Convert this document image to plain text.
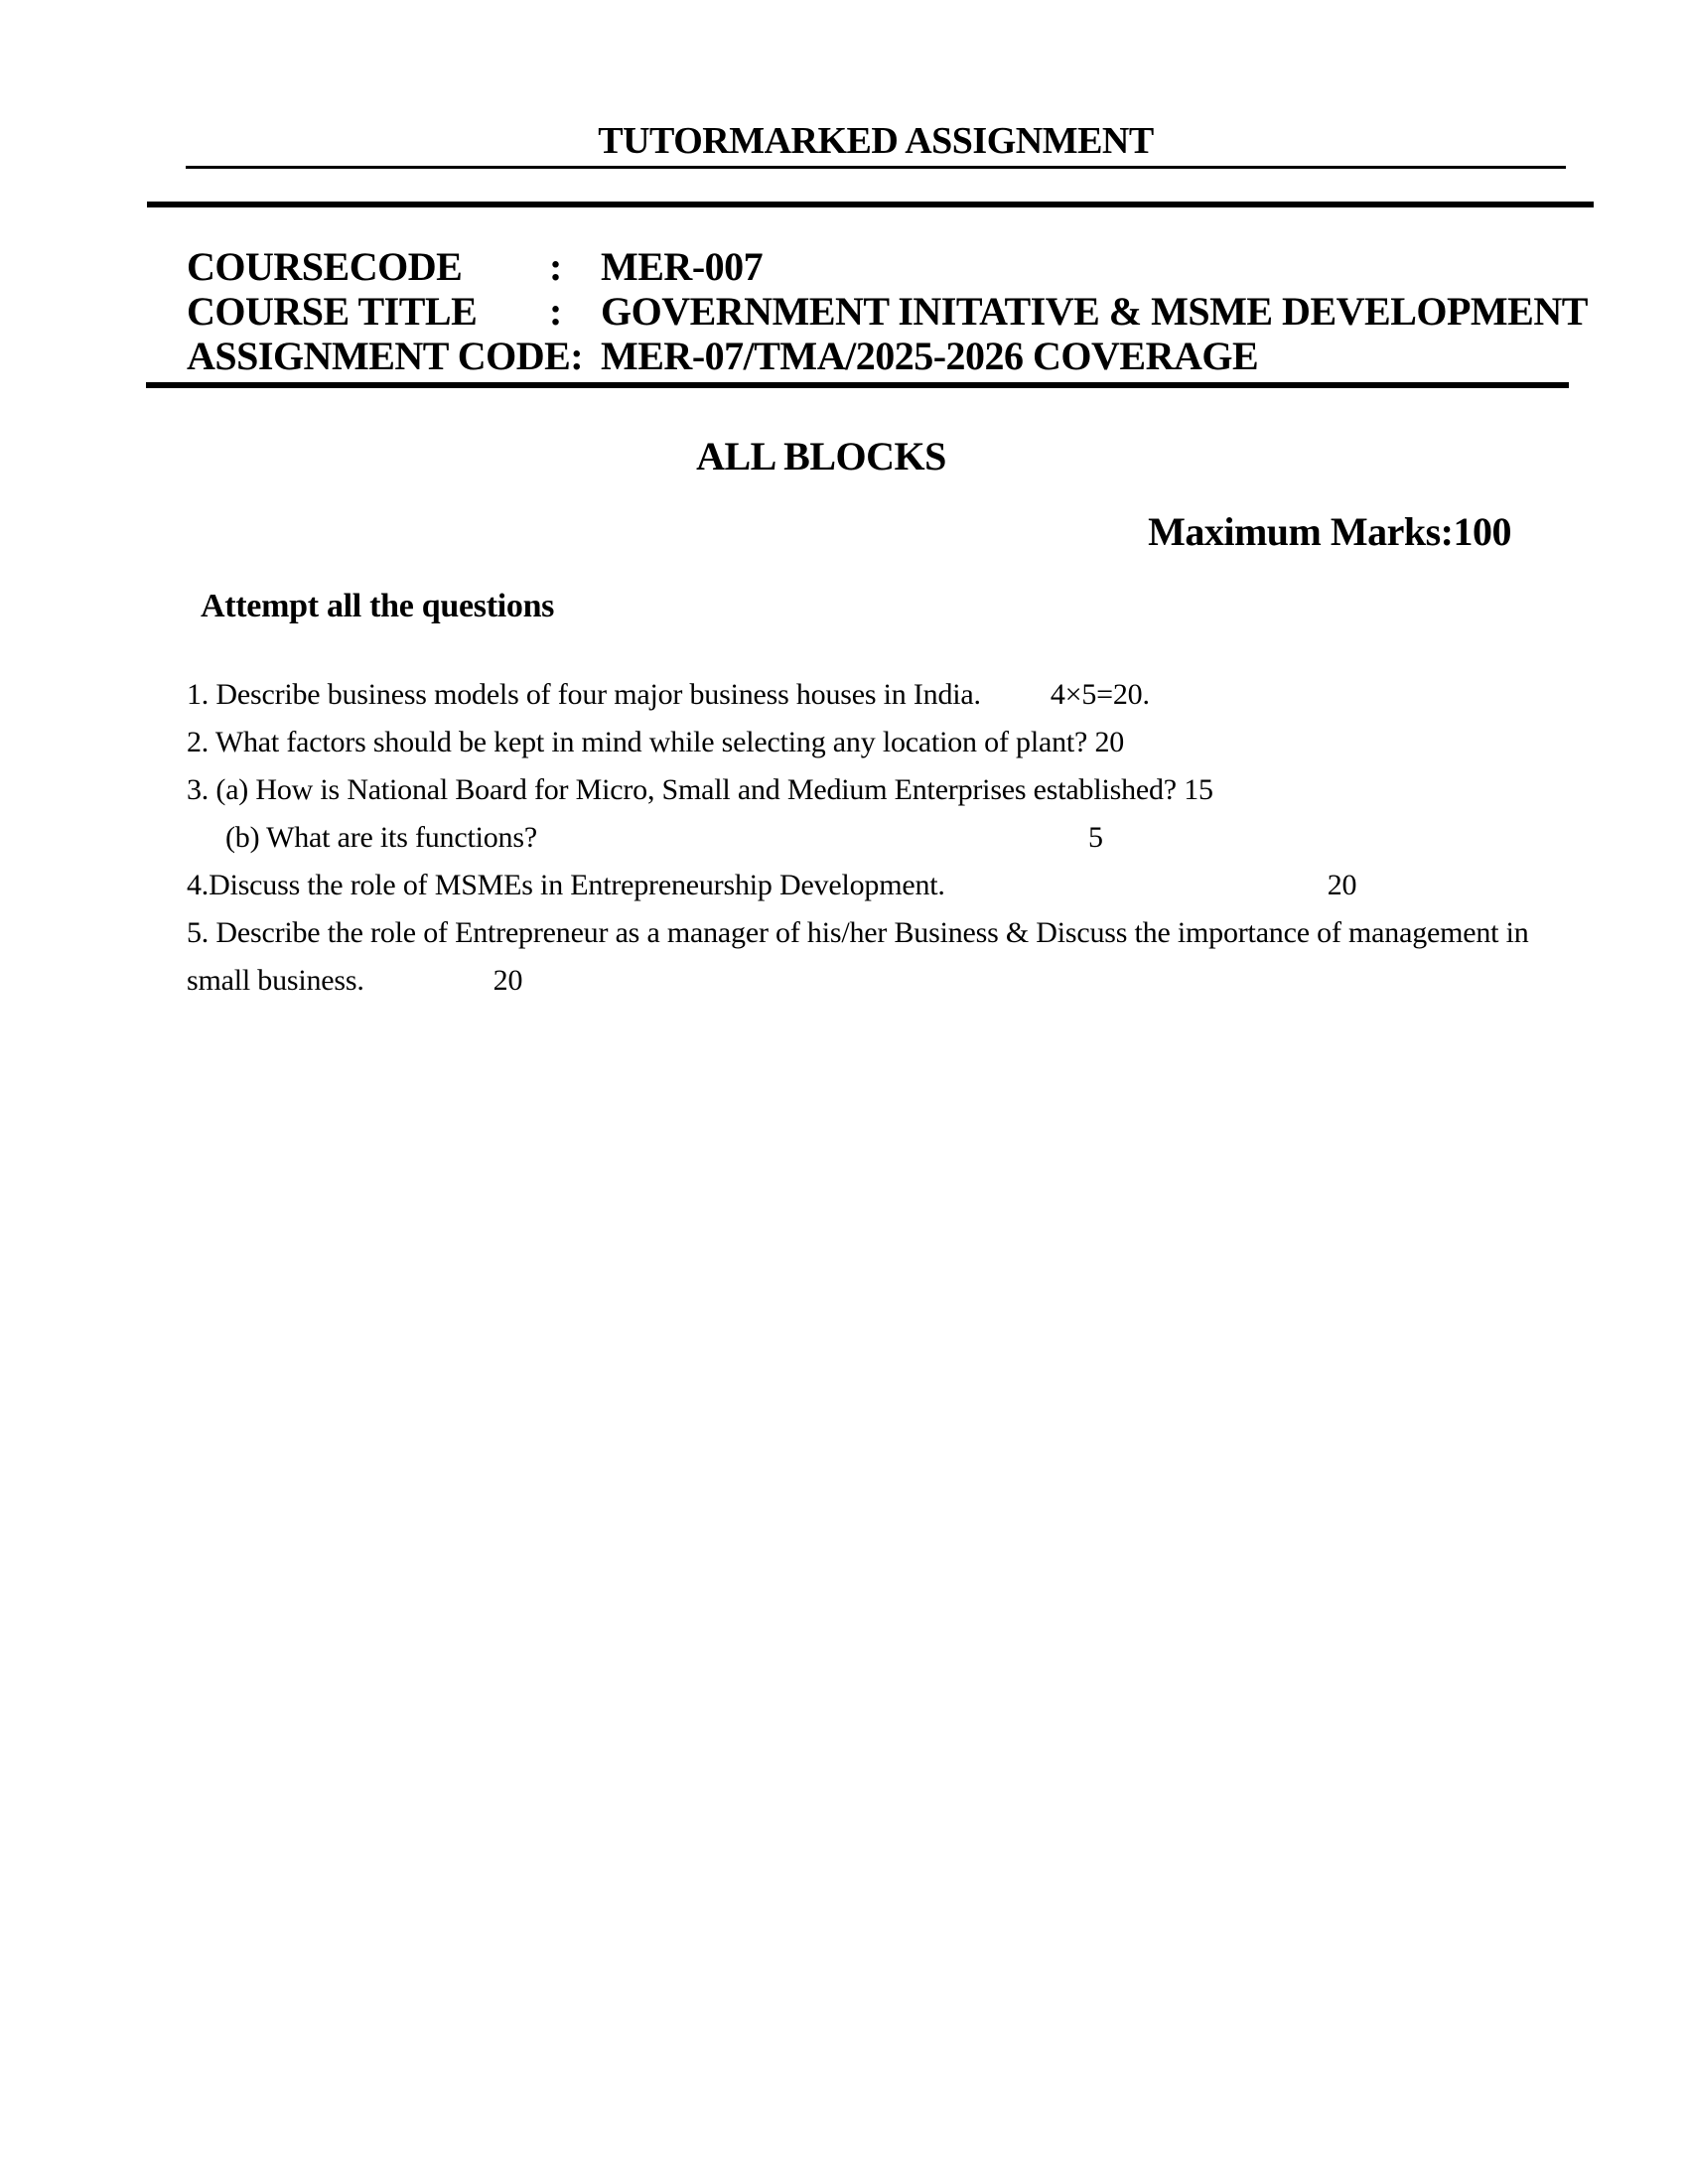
TUTORMARKED ASSIGNMENT
COURSECODE : MER-007
COURSE TITLE : GOVERNMENT INITATIVE & MSME DEVELOPMENT
ASSIGNMENT CODE: MER-07/TMA/2025-2026 COVERAGE
ALL BLOCKS
Maximum Marks:100
Attempt all the questions
1. Describe business models of four major business houses in India. 4×5=20.
2. What factors should be kept in mind while selecting any location of plant? 20
3. (a) How is National Board for Micro, Small and Medium Enterprises established? 15
(b) What are its functions?	5
4.Discuss the role of MSMEs in Entrepreneurship Development.	20
5. Describe the role of Entrepreneur as a manager of his/her Business & Discuss the importance of management in
small business.	20
